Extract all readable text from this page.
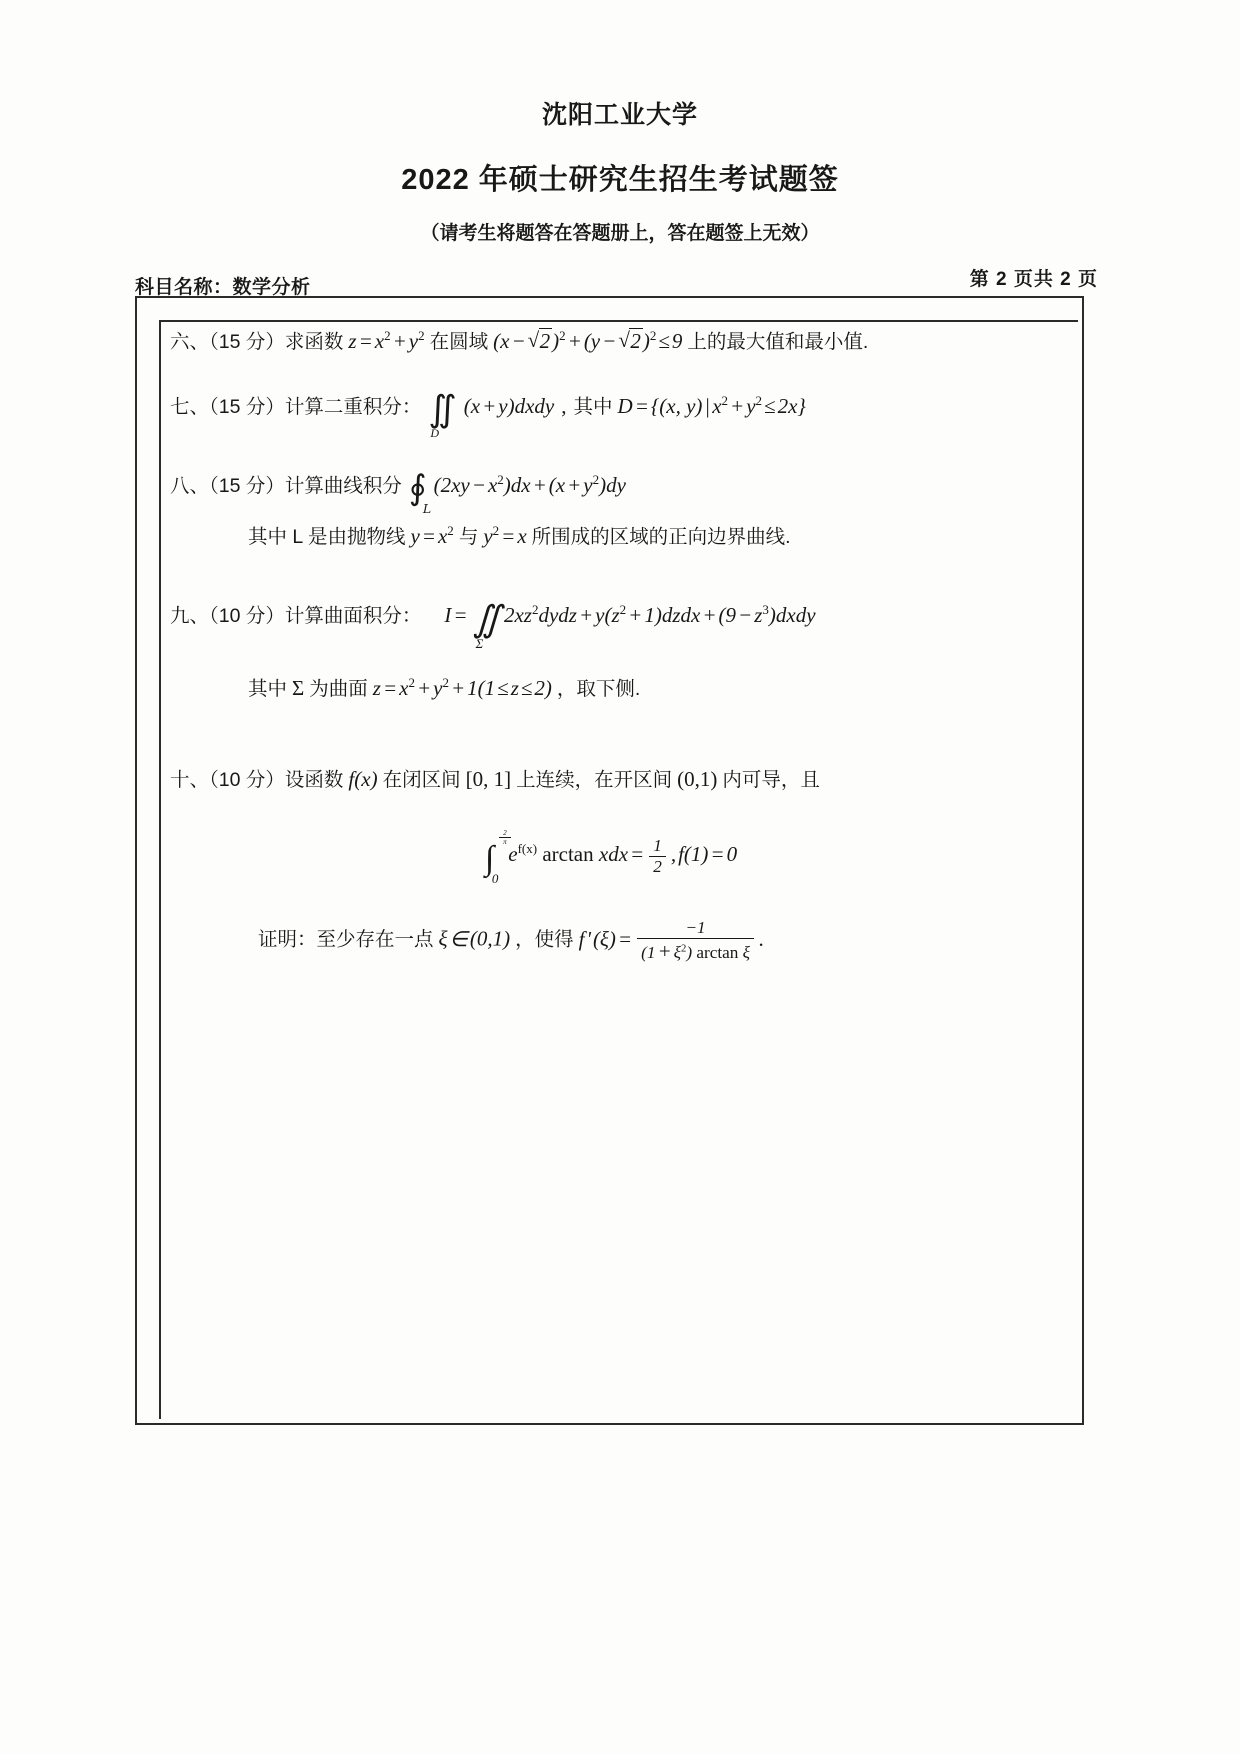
沈阳工业大学
2022 年硕士研究生招生考试题签
（请考生将题答在答题册上，答在题签上无效）
科目名称：数学分析	第 2 页共 2 页
六、（15 分）求函数 $z=x^2+y^2$ 在圆域 (x− √ 2)$^2$+(y− √ 2)$^2$≤9 上的最大值和最小值.
七、（15 分）计算二重积分： ∬
D
(x+y)dxdy , 其中 D={(x, $y)|x^2+y^2\le 2x$}
八、（15 分）计算曲线积分 ∮
L
$(2xy-x^2)dx+(x+y^2)dy$
其中 L 是由抛物线 $y=x^2$ 与 $y^2=x$ 所围成的区域的正向边界曲线.
九、（10 分）计算曲面积分： I= ∬
Σ
$2xz^2dydz+y(z^2+1)dzdx+(9-z^3)dxdy$
其中 Σ 为曲面 $z=x^2+y^2+1(1\le z\le 2)$ ，取下侧.
十、（10 分）设函数 f(x) 在闭区间 [0, 1] 上连续，在开区间 (0,1) 内可导，且
∫
$\frac{2}{\pi}$
0
$e^{f(x)}$ $\arctan xdx= \frac{1}{2} ,f(1)=0$
证明：至少存在一点 ξ∈(0,1) ，使得 $f'(\xi)= \frac{-1}{(1+ \xi^2) \arctan \xi}$ .
